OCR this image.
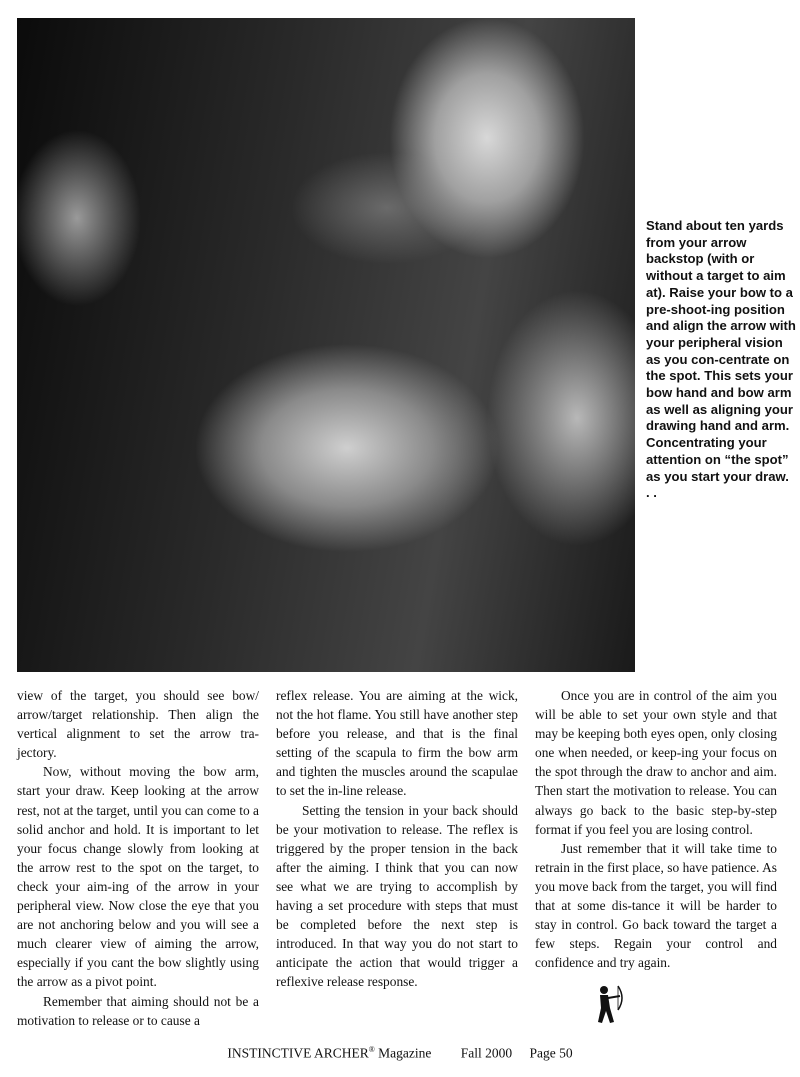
Stand about ten yards from your arrow backstop (with or without a target to aim at). Raise your bow to a pre-shoot-ing position and align the arrow with your peripheral vision as you con-centrate on the spot. This sets your bow hand and bow arm as well as aligning your drawing hand and arm. Concentrating your attention on “the spot” as you start your draw. . .

view of the target, you should see bow/ arrow/target relationship. Then align the vertical alignment to set the arrow tra-jectory.

Now, without moving the bow arm, start your draw. Keep looking at the arrow rest, not at the target, until you can come to a solid anchor and hold. It is important to let your focus change slowly from looking at the arrow rest to the spot on the target, to check your aim-ing of the arrow in your peripheral view. Now close the eye that you are not anchoring below and you will see a much clearer view of aiming the arrow, especially if you cant the bow slightly using the arrow as a pivot point.

Remember that aiming should not be a motivation to release or to cause a

reflex release. You are aiming at the wick, not the hot flame. You still have another step before you release, and that is the final setting of the scapula to firm the bow arm and tighten the muscles around the scapulae to set the in-line release.

Setting the tension in your back should be your motivation to release. The reflex is triggered by the proper tension in the back after the aiming. I think that you can now see what we are trying to accomplish by having a set procedure with steps that must be completed before the next step is introduced. In that way you do not start to anticipate the action that would trigger a reflexive release response.

Once you are in control of the aim you will be able to set your own style and that may be keeping both eyes open, only closing one when needed, or keep-ing your focus on the spot through the draw to anchor and aim. Then start the motivation to release. You can always go back to the basic step-by-step format if you feel you are losing control.

Just remember that it will take time to retrain in the first place, so have patience. As you move back from the target, you will find that at some dis-tance it will be harder to stay in control. Go back toward the target a few steps. Regain your control and confidence and try again.

INSTINCTIVE ARCHER® Magazine Fall 2000 Page 50
